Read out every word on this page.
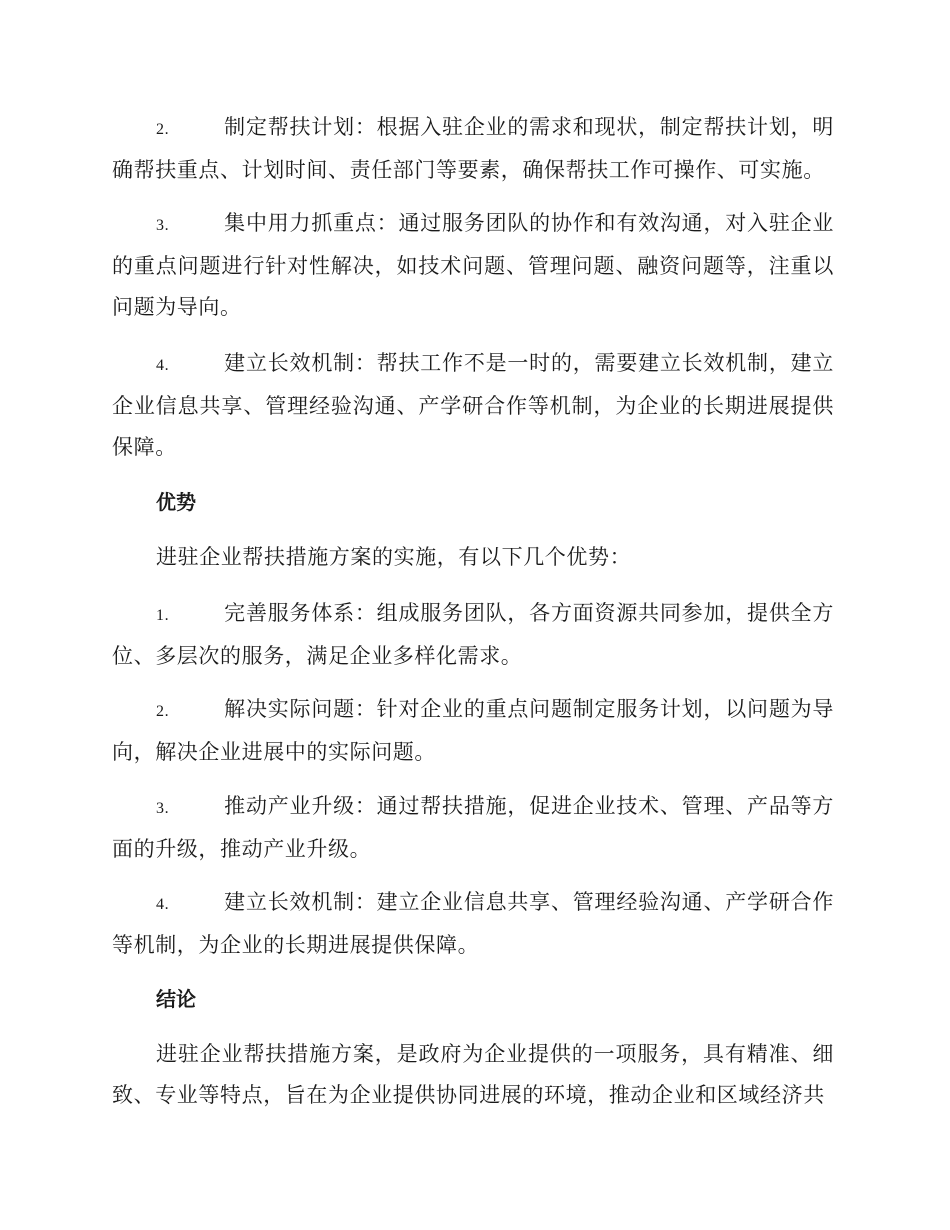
2.	制定帮扶计划：根据入驻企业的需求和现状，制定帮扶计划，明确帮扶重点、计划时间、责任部门等要素，确保帮扶工作可操作、可实施。

3.	集中用力抓重点：通过服务团队的协作和有效沟通，对入驻企业的重点问题进行针对性解决，如技术问题、管理问题、融资问题等，注重以问题为导向。

4.	建立长效机制：帮扶工作不是一时的，需要建立长效机制，建立企业信息共享、管理经验沟通、产学研合作等机制，为企业的长期进展提供保障。

优势

进驻企业帮扶措施方案的实施，有以下几个优势：

1.	完善服务体系：组成服务团队，各方面资源共同参加，提供全方位、多层次的服务，满足企业多样化需求。

2.	解决实际问题：针对企业的重点问题制定服务计划，以问题为导向，解决企业进展中的实际问题。

3.	推动产业升级：通过帮扶措施，促进企业技术、管理、产品等方面的升级，推动产业升级。

4.	建立长效机制：建立企业信息共享、管理经验沟通、产学研合作等机制，为企业的长期进展提供保障。

结论

进驻企业帮扶措施方案，是政府为企业提供的一项服务，具有精准、细致、专业等特点，旨在为企业提供协同进展的环境，推动企业和区域经济共
